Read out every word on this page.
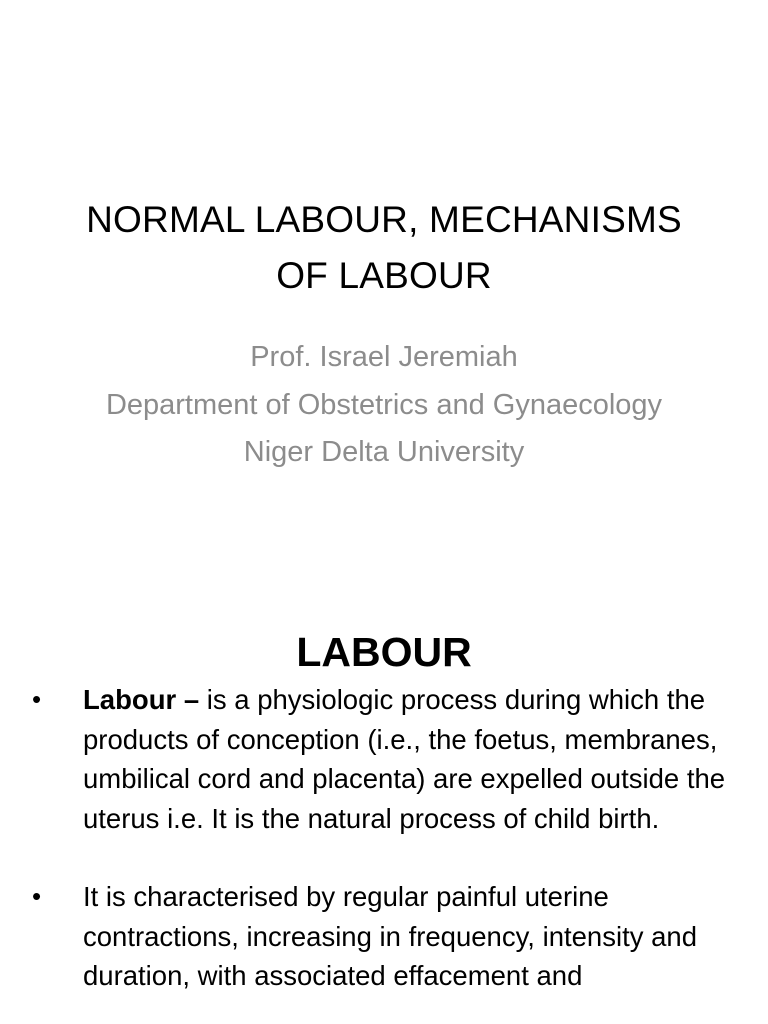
NORMAL LABOUR, MECHANISMS
OF LABOUR
Prof. Israel Jeremiah
Department of Obstetrics and Gynaecology
Niger Delta University
LABOUR
• Labour – is a physiologic process during which the products of conception (i.e., the foetus, membranes, umbilical cord and placenta) are expelled outside the uterus i.e. It is the natural process of child birth.
• It is characterised by regular painful uterine contractions, increasing in frequency, intensity and duration, with associated effacement and
